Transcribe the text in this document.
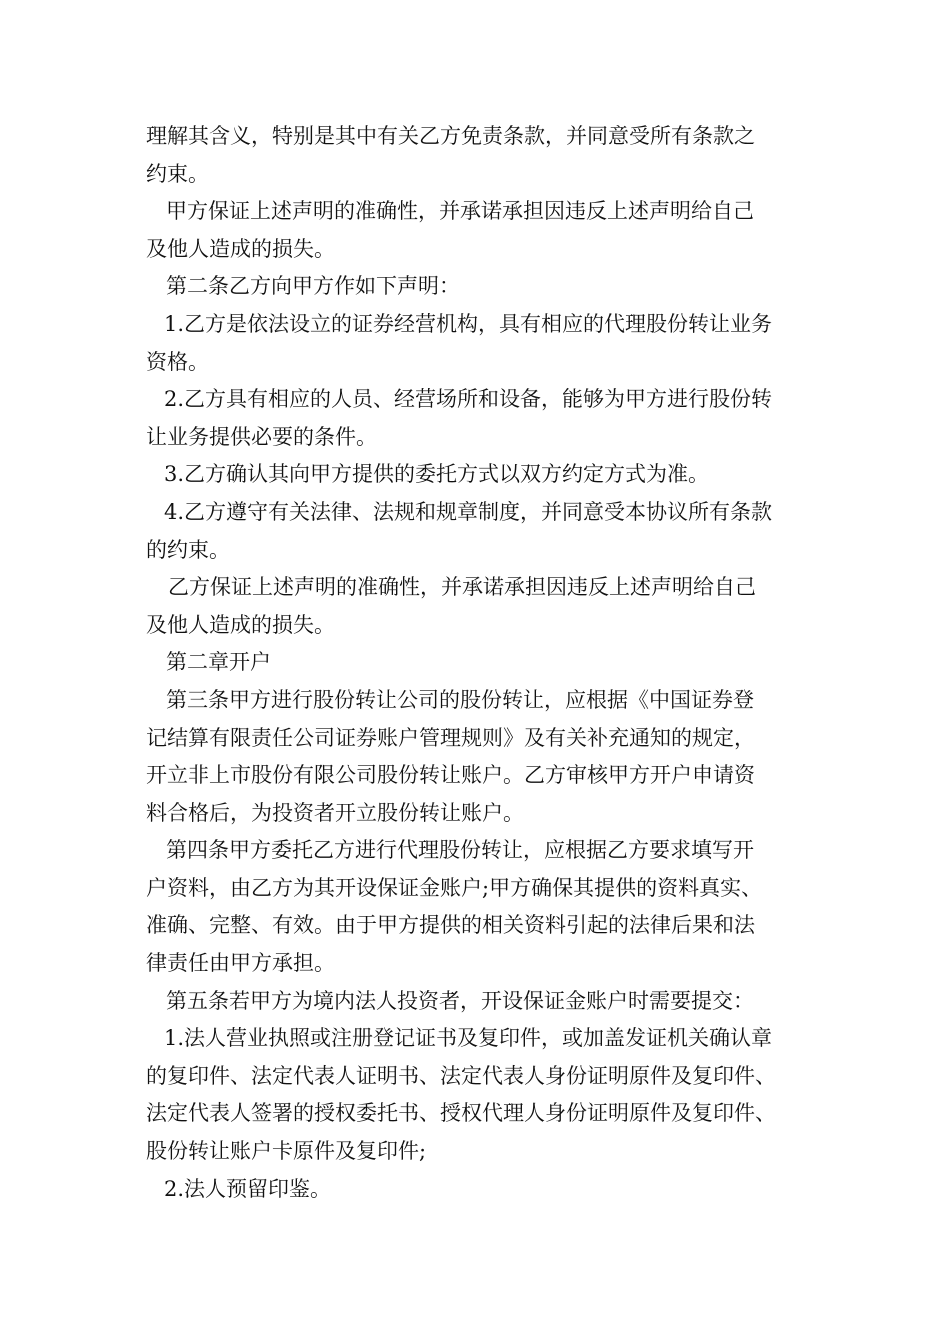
理解其含义，特别是其中有关乙方免责条款，并同意受所有条款之
约束。
甲方保证上述声明的准确性，并承诺承担因违反上述声明给自己
及他人造成的损失。
第二条乙方向甲方作如下声明：
1.乙方是依法设立的证券经营机构，具有相应的代理股份转让业务
资格。
2.乙方具有相应的人员、经营场所和设备，能够为甲方进行股份转
让业务提供必要的条件。
3.乙方确认其向甲方提供的委托方式以双方约定方式为准。
4.乙方遵守有关法律、法规和规章制度，并同意受本协议所有条款
的约束。
乙方保证上述声明的准确性，并承诺承担因违反上述声明给自己
及他人造成的损失。
第二章开户
第三条甲方进行股份转让公司的股份转让，应根据《中国证券登
记结算有限责任公司证券账户管理规则》及有关补充通知的规定，
开立非上市股份有限公司股份转让账户。乙方审核甲方开户申请资
料合格后，为投资者开立股份转让账户。
第四条甲方委托乙方进行代理股份转让，应根据乙方要求填写开
户资料，由乙方为其开设保证金账户;甲方确保其提供的资料真实、
准确、完整、有效。由于甲方提供的相关资料引起的法律后果和法
律责任由甲方承担。
第五条若甲方为境内法人投资者，开设保证金账户时需要提交：
1.法人营业执照或注册登记证书及复印件，或加盖发证机关确认章
的复印件、法定代表人证明书、法定代表人身份证明原件及复印件、
法定代表人签署的授权委托书、授权代理人身份证明原件及复印件、
股份转让账户卡原件及复印件;
2.法人预留印鉴。
